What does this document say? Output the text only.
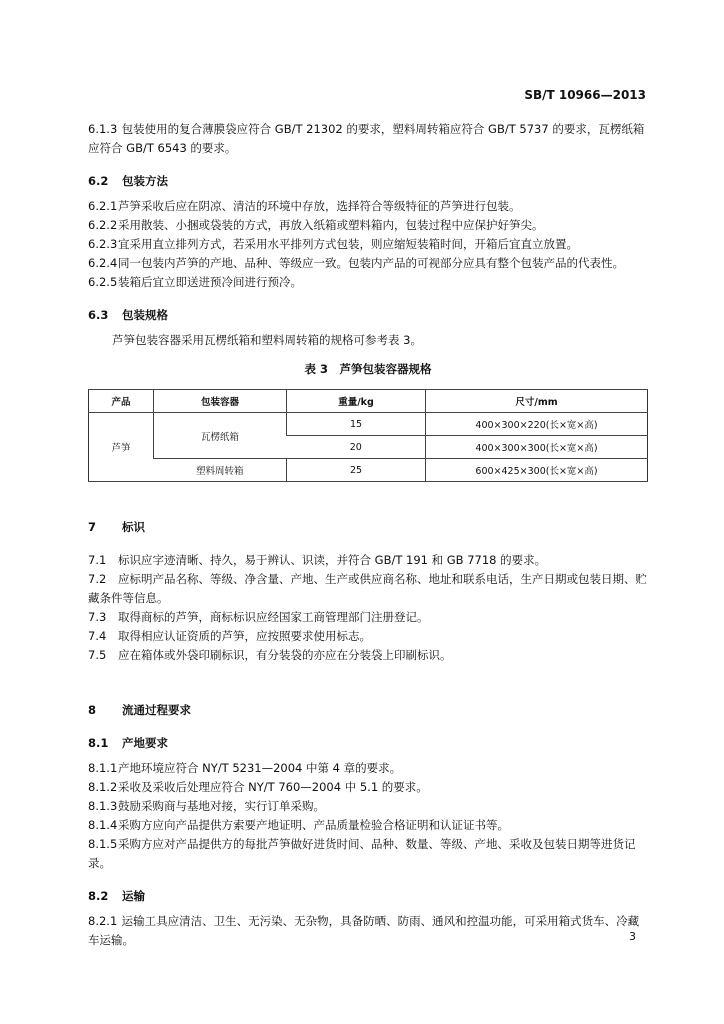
SB/T 10966—2013

6.1.3 包装使用的复合薄膜袋应符合 GB/T 21302 的要求，塑料周转箱应符合 GB/T 5737 的要求，瓦楞纸箱应符合 GB/T 6543 的要求。

6.2 包装方法

6.2.1芦笋采收后应在阴凉、清洁的环境中存放，选择符合等级特征的芦笋进行包装。

6.2.2采用散装、小捆或袋装的方式，再放入纸箱或塑料箱内，包装过程中应保护好笋尖。

6.2.3宜采用直立排列方式，若采用水平排列方式包装，则应缩短装箱时间，开箱后宜直立放置。

6.2.4同一包装内芦笋的产地、品种、等级应一致。包装内产品的可视部分应具有整个包装产品的代表性。

6.2.5装箱后宜立即送进预冷间进行预冷。

6.3 包装规格

芦笋包装容器采用瓦楞纸箱和塑料周转箱的规格可参考表 3。

表 3　芦笋包装容器规格

产品	包装容器	重量/kg	尺寸/mm
芦笋	瓦楞纸箱	15	400×300×220(长×宽×高)
		20	400×300×300(长×宽×高)
	塑料周转箱	25	600×425×300(长×宽×高)

7 标识

7.1 标识应字迹清晰、持久，易于辨认、识读，并符合 GB/T 191 和 GB 7718 的要求。

7.2 应标明产品名称、等级、净含量、产地、生产或供应商名称、地址和联系电话，生产日期或包装日期、贮藏条件等信息。

7.3 取得商标的芦笋，商标标识应经国家工商管理部门注册登记。

7.4 取得相应认证资质的芦笋，应按照要求使用标志。

7.5 应在箱体或外袋印刷标识，有分装袋的亦应在分装袋上印刷标识。

8 流通过程要求

8.1 产地要求

8.1.1产地环境应符合 NY/T 5231—2004 中第 4 章的要求。

8.1.2采收及采收后处理应符合 NY/T 760—2004 中 5.1 的要求。

8.1.3鼓励采购商与基地对接，实行订单采购。

8.1.4采购方应向产品提供方索要产地证明、产品质量检验合格证明和认证证书等。

8.1.5采购方应对产品提供方的每批芦笋做好进货时间、品种、数量、等级、产地、采收及包装日期等进货记录。

8.2 运输

8.2.1 运输工具应清洁、卫生、无污染、无杂物，具备防晒、防雨、通风和控温功能，可采用箱式货车、冷藏车运输。	3
